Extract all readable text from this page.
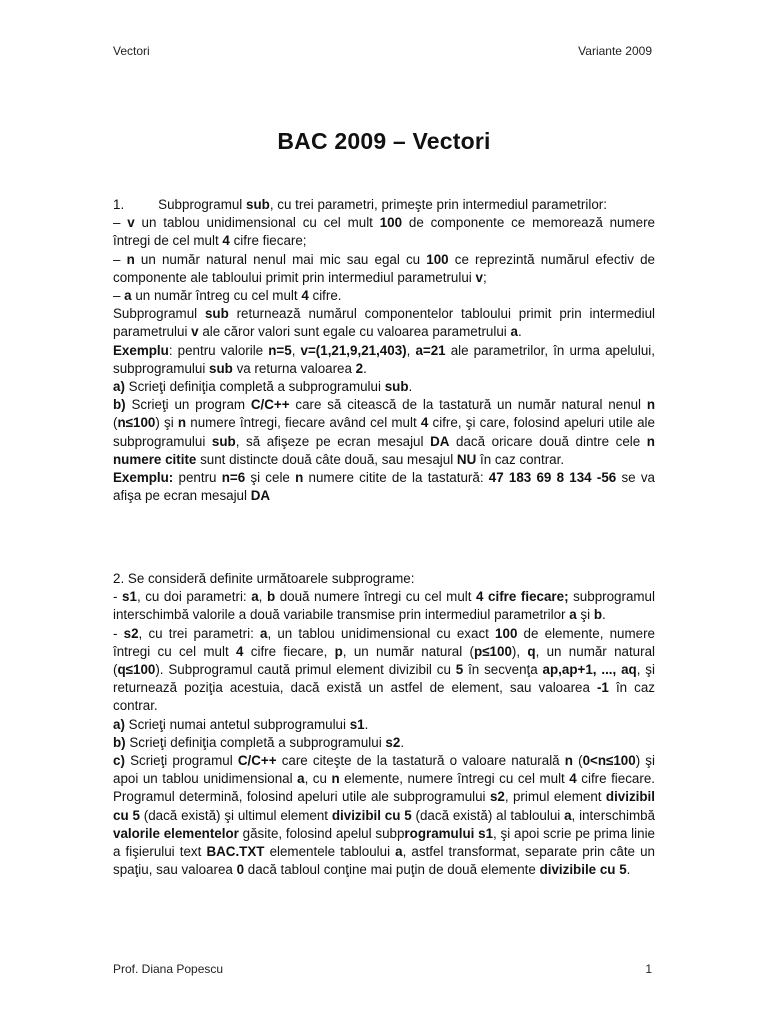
Vectori	Variante 2009
BAC 2009 – Vectori
1.	Subprogramul sub, cu trei parametri, primeşte prin intermediul parametrilor:
– v un tablou unidimensional cu cel mult 100 de componente ce memorează numere întregi de cel mult 4 cifre fiecare;
– n un număr natural nenul mai mic sau egal cu 100 ce reprezintă numărul efectiv de componente ale tabloului primit prin intermediul parametrului v;
– a un număr întreg cu cel mult 4 cifre.
Subprogramul sub returnează numărul componentelor tabloului primit prin intermediul parametrului v ale căror valori sunt egale cu valoarea parametrului a.
Exemplu: pentru valorile n=5, v=(1,21,9,21,403), a=21 ale parametrilor, în urma apelului, subprogramului sub va returna valoarea 2.
a) Scrieţi definiţia completă a subprogramului sub.
b) Scrieţi un program C/C++ care să citească de la tastatură un număr natural nenul n (n≤100) şi n numere întregi, fiecare având cel mult 4 cifre, şi care, folosind apeluri utile ale subprogramului sub, să afişeze pe ecran mesajul DA dacă oricare două dintre cele n numere citite sunt distincte două câte două, sau mesajul NU în caz contrar.
Exemplu: pentru n=6 şi cele n numere citite de la tastatură: 47 183 69 8 134 -56 se va afişa pe ecran mesajul DA
2. Se consideră definite următoarele subprograme:
- s1, cu doi parametri: a, b două numere întregi cu cel mult 4 cifre fiecare; subprogramul interschimbă valorile a două variabile transmise prin intermediul parametrilor a şi b.
- s2, cu trei parametri: a, un tablou unidimensional cu exact 100 de elemente, numere întregi cu cel mult 4 cifre fiecare, p, un număr natural (p≤100), q, un număr natural (q≤100). Subprogramul caută primul element divizibil cu 5 în secvenţa ap,ap+1, ..., aq, şi returnează poziţia acestuia, dacă există un astfel de element, sau valoarea -1 în caz contrar.
a) Scrieţi numai antetul subprogramului s1.
b) Scrieţi definiţia completă a subprogramului s2.
c) Scrieţi programul C/C++ care citeşte de la tastatură o valoare naturală n (0<n≤100) şi apoi un tablou unidimensional a, cu n elemente, numere întregi cu cel mult 4 cifre fiecare. Programul determină, folosind apeluri utile ale subprogramului s2, primul element divizibil cu 5 (dacă există) şi ultimul element divizibil cu 5 (dacă există) al tabloului a, interschimbă valorile elementelor găsite, folosind apelul subprogramului s1, şi apoi scrie pe prima linie a fişierului text BAC.TXT elementele tabloului a, astfel transformat, separate prin câte un spaţiu, sau valoarea 0 dacă tabloul conţine mai puţin de două elemente divizibile cu 5.
Prof. Diana Popescu	1
